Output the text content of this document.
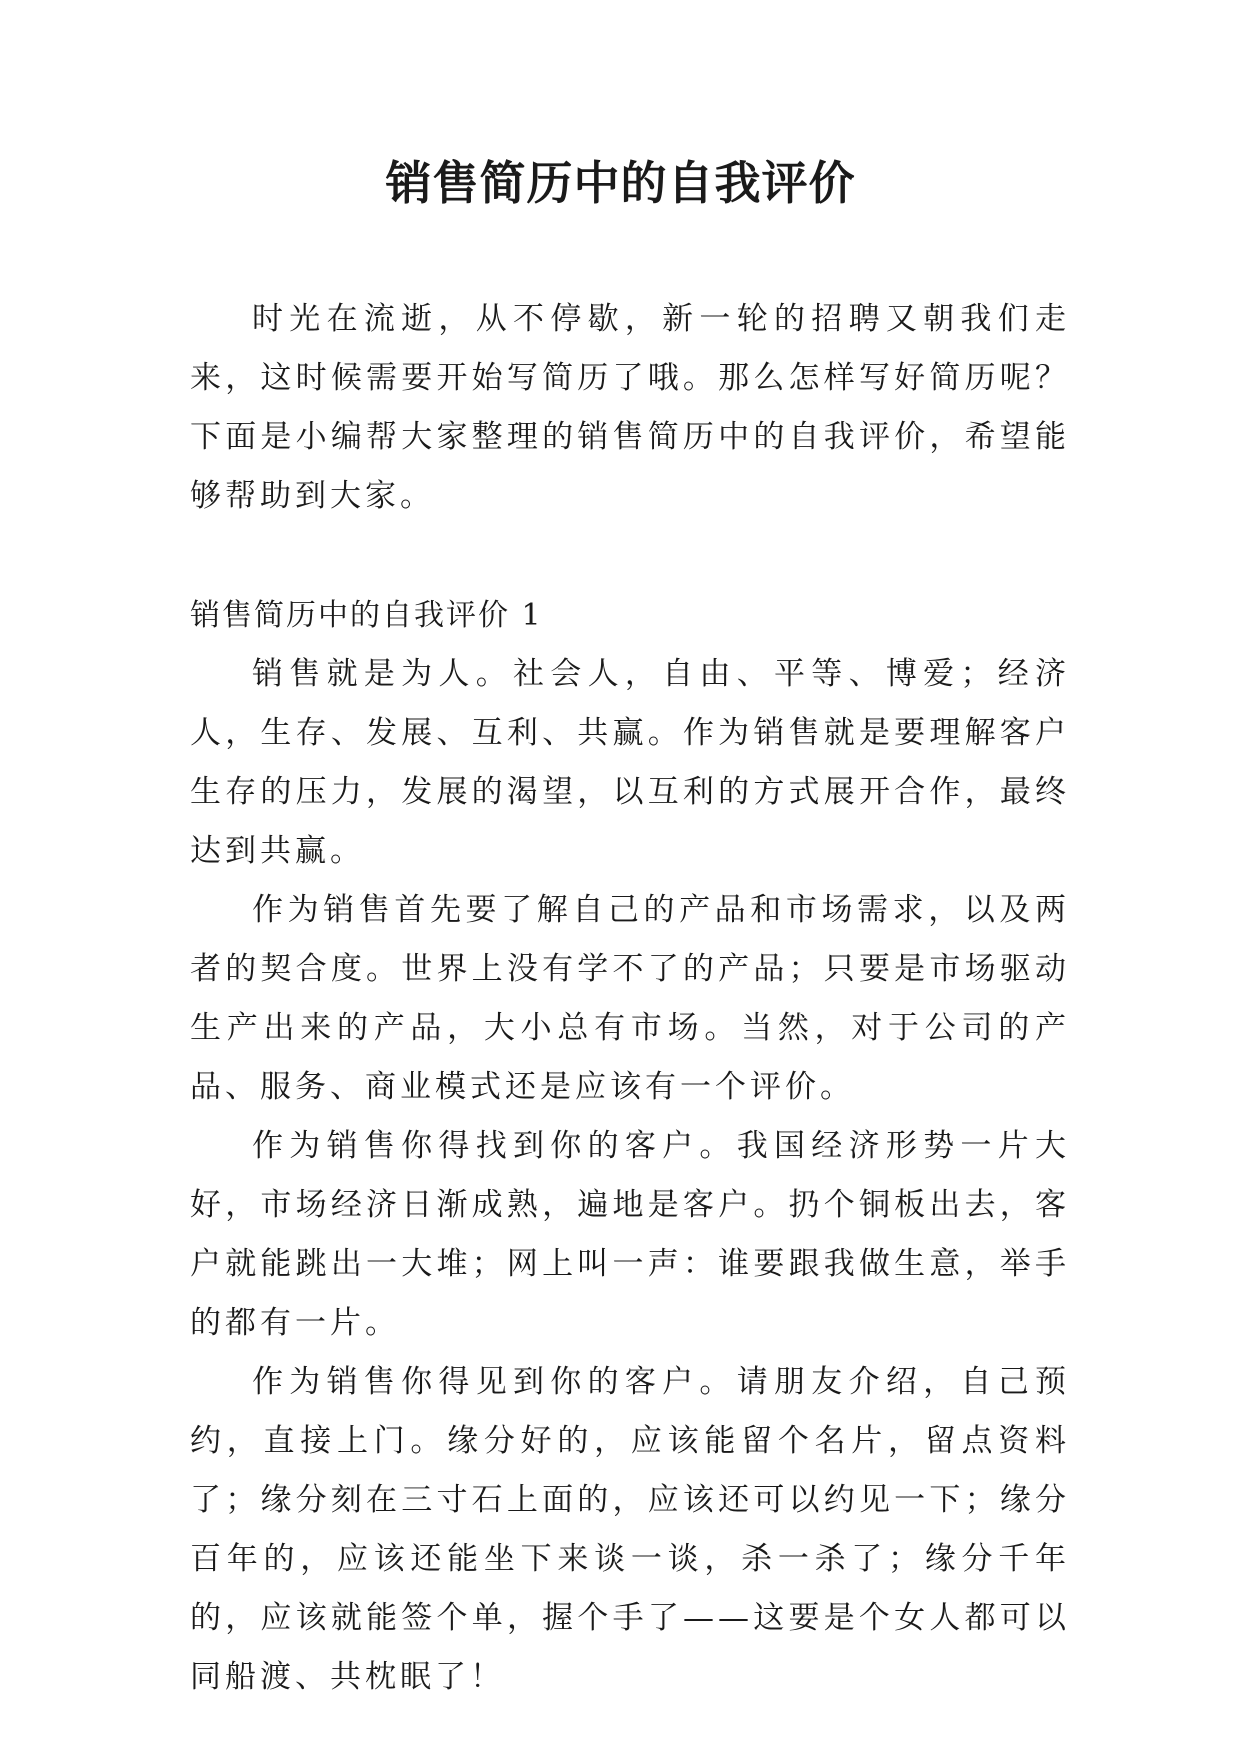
销售简历中的自我评价

时光在流逝，从不停歇，新一轮的招聘又朝我们走来，这时候需要开始写简历了哦。那么怎样写好简历呢？下面是小编帮大家整理的销售简历中的自我评价，希望能够帮助到大家。

销售简历中的自我评价 1

销售就是为人。社会人，自由、平等、博爱；经济人，生存、发展、互利、共赢。作为销售就是要理解客户生存的压力，发展的渴望，以互利的方式展开合作，最终达到共赢。

作为销售首先要了解自己的产品和市场需求，以及两者的契合度。世界上没有学不了的产品；只要是市场驱动生产出来的产品，大小总有市场。当然，对于公司的产品、服务、商业模式还是应该有一个评价。

作为销售你得找到你的客户。我国经济形势一片大好，市场经济日渐成熟，遍地是客户。扔个铜板出去，客户就能跳出一大堆；网上叫一声：谁要跟我做生意，举手的都有一片。

作为销售你得见到你的客户。请朋友介绍，自己预约，直接上门。缘分好的，应该能留个名片，留点资料了；缘分刻在三寸石上面的，应该还可以约见一下；缘分百年的，应该还能坐下来谈一谈，杀一杀了；缘分千年的，应该就能签个单，握个手了——这要是个女人都可以同船渡、共枕眠了！
